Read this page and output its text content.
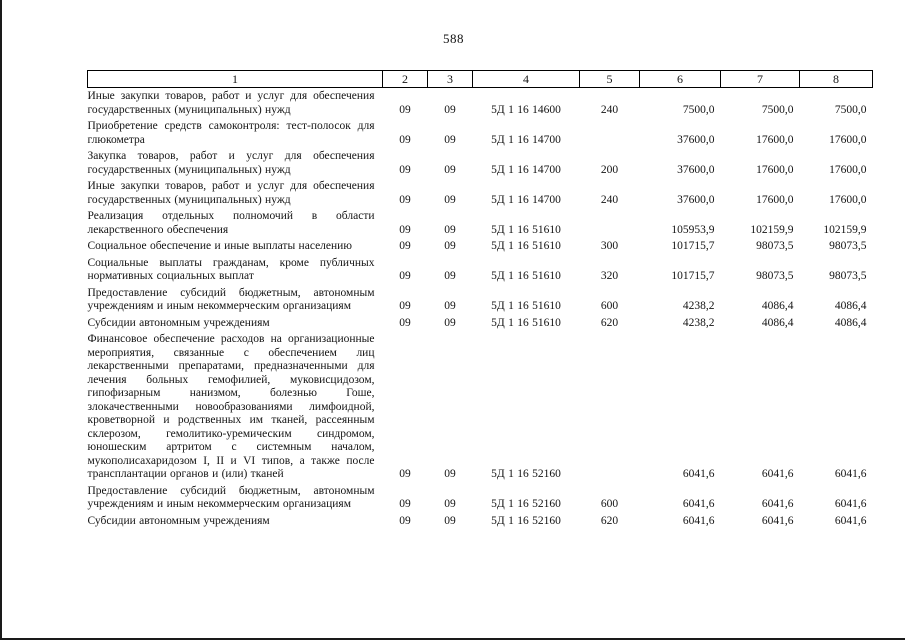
588
1	2	3	4	5	6	7	8
Иные закупки товаров, работ и услуг для обеспечения государственных (муниципальных) нужд	09	09	5Д 1 16 14600	240	7500,0	7500,0	7500,0
Приобретение средств самоконтроля: тест-полосок для глюкометра	09	09	5Д 1 16 14700		37600,0	17600,0	17600,0
Закупка товаров, работ и услуг для обеспечения государственных (муниципальных) нужд	09	09	5Д 1 16 14700	200	37600,0	17600,0	17600,0
Иные закупки товаров, работ и услуг для обеспечения государственных (муниципальных) нужд	09	09	5Д 1 16 14700	240	37600,0	17600,0	17600,0
Реализация отдельных полномочий в области лекарственного обеспечения	09	09	5Д 1 16 51610		105953,9	102159,9	102159,9
Социальное обеспечение и иные выплаты населению	09	09	5Д 1 16 51610	300	101715,7	98073,5	98073,5
Социальные выплаты гражданам, кроме публичных нормативных социальных выплат	09	09	5Д 1 16 51610	320	101715,7	98073,5	98073,5
Предоставление субсидий бюджетным, автономным учреждениям и иным некоммерческим организациям	09	09	5Д 1 16 51610	600	4238,2	4086,4	4086,4
Субсидии автономным учреждениям	09	09	5Д 1 16 51610	620	4238,2	4086,4	4086,4
Финансовое обеспечение расходов на организационные мероприятия, связанные с обеспечением лиц лекарственными препаратами, предназначенными для лечения больных гемофилией, муковисцидозом, гипофизарным нанизмом, болезнью Гоше, злокачественными новообразованиями лимфоидной, кроветворной и родственных им тканей, рассеянным склерозом, гемолитико-уремическим синдромом, юношеским артритом с системным началом, мукополисахаридозом I, II и VI типов, а также после трансплантации органов и (или) тканей	09	09	5Д 1 16 52160		6041,6	6041,6	6041,6
Предоставление субсидий бюджетным, автономным учреждениям и иным некоммерческим организациям	09	09	5Д 1 16 52160	600	6041,6	6041,6	6041,6
Субсидии автономным учреждениям	09	09	5Д 1 16 52160	620	6041,6	6041,6	6041,6
